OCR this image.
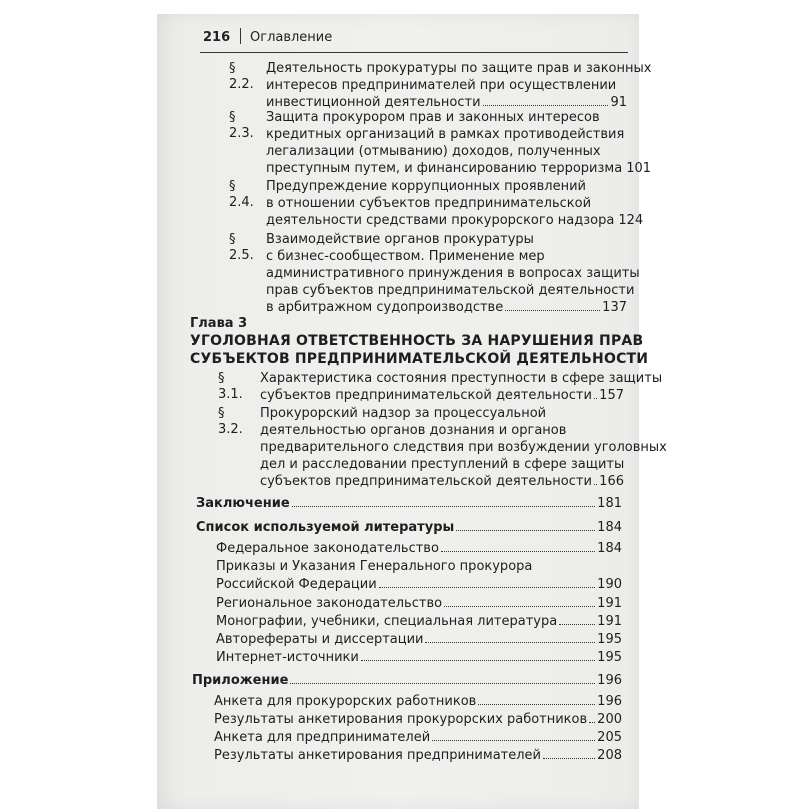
216 Оглавление
§ 2.2.
Деятельность прокуратуры по защите прав и законных
интересов предпринимателей при осуществлении
инвестиционной деятельности	91
§ 2.3.
Защита прокурором прав и законных интересов
кредитных организаций в рамках противодействия
легализации (отмыванию) доходов, полученных
преступным путем, и финансированию
терроризма 101
§ 2.4.
Предупреждение коррупционных проявлений
в отношении субъектов предпринимательской
деятельности средствами прокурорского надзора 124
§ 2.5.
Взаимодействие органов прокуратуры
с бизнес-сообществом. Применение мер
административного принуждения в вопросах защиты
прав субъектов предпринимательской деятельности
в арбитражном судопроизводстве	137
Глава 3
УГОЛОВНАЯ ОТВЕТСТВЕННОСТЬ ЗА НАРУШЕНИЯ ПРАВ
СУБЪЕКТОВ ПРЕДПРИНИМАТЕЛЬСКОЙ ДЕЯТЕЛЬНОСТИ
§ 3.1.
Характеристика состояния преступности в сфере защиты
субъектов предпринимательской деятельности 157
§ 3.2.
Прокурорский надзор за процессуальной
деятельностью органов дознания и органов
предварительного следствия при возбуждении уголовных
дел и расследовании преступлений в сфере защиты
субъектов предпринимательской деятельности 166
Заключение	181
Список используемой литературы	184
Федеральное законодательство	184
Приказы и Указания Генерального прокурора
Российской Федерации	190
Региональное законодательство	191
Монографии, учебники, специальная литература	191
Авторефераты и диссертации	195
Интернет-источники	195
Приложение	196
Анкета для прокурорских работников	196
Результаты анкетирования прокурорских работников 200
Анкета для предпринимателей	205
Результаты анкетирования предпринимателей	208
